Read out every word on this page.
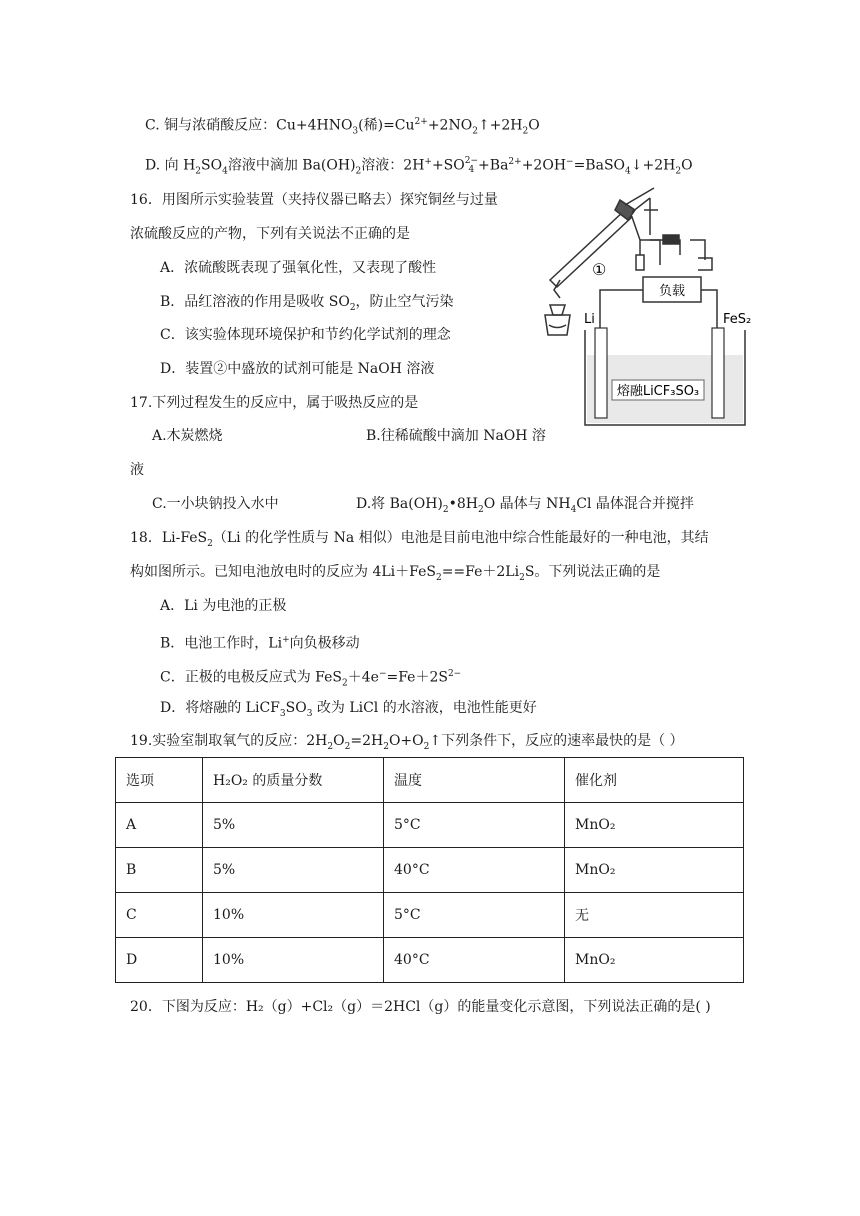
C. 铜与浓硝酸反应：$Cu+4HNO_3$(稀)$=Cu^{2+}+2NO_2↑+2H_2O$
D. 向 $H_2SO_4$溶液中滴加 $Ba(OH)_2$溶液：2H++SO 2−
$4 +Ba^{2+}+2OH^-=BaSO_4↓+2H_2O$
16．用图所示实验装置（夹持仪器已略去）探究铜丝与过量
浓硫酸反应的产物，下列有关说法不正确的是
A．浓硫酸既表现了强氧化性，又表现了酸性
B．品红溶液的作用是吸收 $SO_2$，防止空气污染
C．该实验体现环境保护和节约化学试剂的理念
D．装置②中盛放的试剂可能是 NaOH 溶液
①
负载
Li	FeS₂
熔融LiCF₃SO₃
17.下列过程发生的反应中，属于吸热反应的是
A.木炭燃烧	B.往稀硫酸中滴加 NaOH 溶
液
C.一小块钠投入水中	D.将 $Ba(OH)_2•8H_2O$ 晶体与 $NH_4Cl$ 晶体混合并搅拌
18．Li-FeS$_2$（Li 的化学性质与 Na 相似）电池是目前电池中综合性能最好的一种电池，其结
构如图所示。已知电池放电时的反应为 $4Li+FeS_2==Fe+2Li_2S$。下列说法正确的是
A．Li 为电池的正极
B．电池工作时，Li+向负极移动
C．正极的电极反应式为 $FeS_2+4e^-=Fe+2S^{2-}$
D．将熔融的 $LiCF_3SO_3$ 改为 LiCl 的水溶液，电池性能更好
19.实验室制取氧气的反应：$2H_2O_2=2H_2O+O_2↑$下列条件下，反应的速率最快的是（ ）
选项	H₂O₂ 的质量分数	温度	催化剂
A	5%	5°C	MnO₂
B	5%	40°C	MnO₂
C	10%	5°C	无
D	10%	40°C	MnO₂
20．下图为反应：H₂（g）+Cl₂（g）＝2HCl（g）的能量变化示意图，下列说法正确的是( )
